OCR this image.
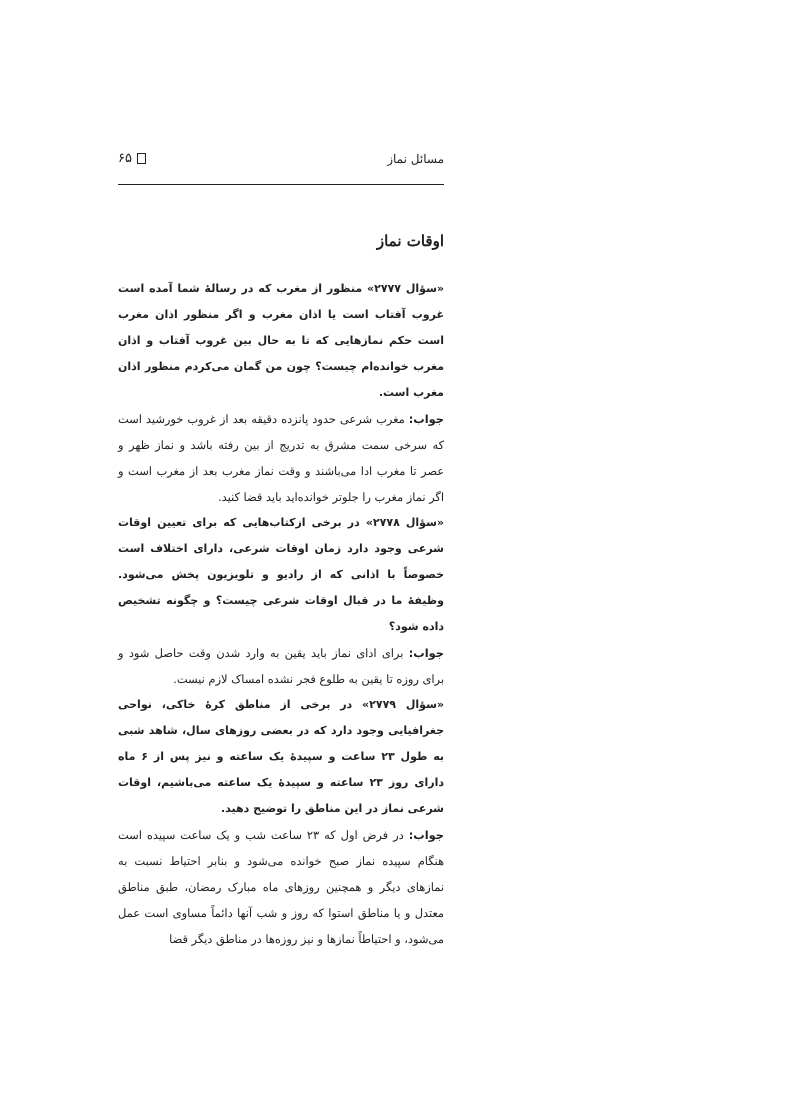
مسائل نماز
۶۵
اوقات نماز

«سؤال ۲۷۷۷» منظور از مغرب که در رسالهٔ شما آمده است غروب آفتاب است یا اذان مغرب و اگر منظور اذان مغرب است حکم نمازهایی که تا به حال بین غروب آفتاب و اذان مغرب خوانده‌ام چیست؟ چون من گمان می‌کردم منظور اذان مغرب است.

جواب: مغرب شرعی حدود پانزده دقیقه بعد از غروب خورشید است که سرخی سمت مشرق به تدریج از بین رفته باشد و نماز ظهر و عصر تا مغرب ادا می‌باشند و وقت نماز مغرب بعد از مغرب است و اگر نماز مغرب را جلوتر خوانده‌اید باید قضا کنید.

«سؤال ۲۷۷۸» در برخی ازکتاب‌هایی که برای تعیین اوقات شرعی وجود دارد زمان اوقات شرعی، دارای اختلاف است خصوصاً با اذانی که از رادیو و تلویزیون پخش می‌شود. وظیفهٔ ما در قبال اوقات شرعی چیست؟ و چگونه تشخیص داده شود؟

جواب: برای ادای نماز باید یقین به وارد شدن وقت حاصل شود و برای روزه تا یقین به طلوع فجر نشده امساک لازم نیست.

«سؤال ۲۷۷۹» در برخی از مناطق کرهٔ خاکی، نواحی جغرافیایی وجود دارد که در بعضی روزهای سال، شاهد شبی به طول ۲۳ ساعت و سپیدهٔ یک ساعته و نیز پس از ۶ ماه دارای روز ۲۳ ساعته و سپیدهٔ یک ساعته می‌باشیم، اوقات شرعی نماز در این مناطق را توضیح دهید.

جواب: در فرض اول که ۲۳ ساعت شب و یک ساعت سپیده است هنگام سپیده نماز صبح خوانده می‌شود و بنابر احتیاط نسبت به نمازهای دیگر و همچنین روزهای ماه مبارک رمضان، طبق مناطق معتدل و یا مناطق استوا که روز و شب آنها دائماً مساوی است عمل می‌شود، و احتیاطاً نمازها و نیز روزه‌ها در مناطق دیگر قضا
